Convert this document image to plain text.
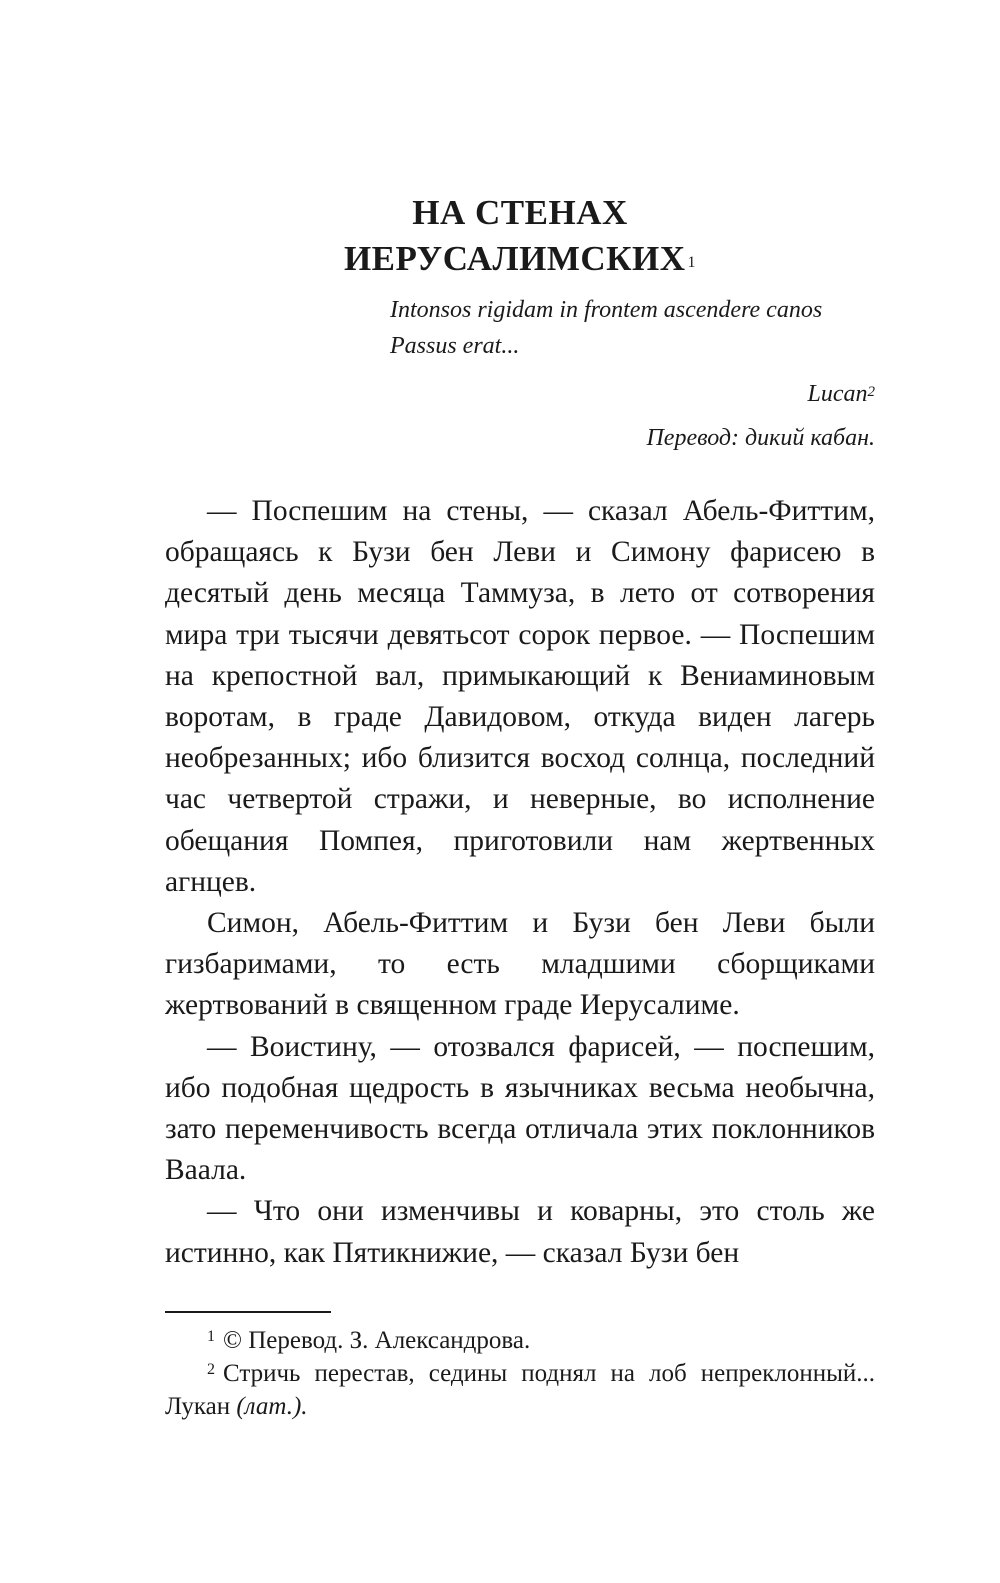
НА СТЕНАХ
ИЕРУСАЛИМСКИХ $^1$
Intonsos rigidam in frontem ascendere canos
Passus erat...
Lucan$^2$
Перевод: дикий кабан.

— Поспешим на стены, — сказал Абель-Фиттим, обращаясь к Бузи бен Леви и Симону фарисею в десятый день месяца Таммуза, в лето от сотворения мира три тысячи девятьсот сорок первое. — Поспешим на крепостной вал, примыкающий к Вениаминовым воротам, в граде Давидовом, откуда виден лагерь необрезанных; ибо близится восход солнца, последний час четвертой стражи, и неверные, во исполнение обещания Помпея, приготовили нам жертвенных агнцев.

Симон, Абель-Фиттим и Бузи бен Леви были гизбаримами, то есть младшими сборщиками жертвований в священном граде Иерусалиме.

— Воистину, — отозвался фарисей, — поспешим, ибо подобная щедрость в язычниках весьма необычна, зато переменчивость всегда отличала этих поклонников Ваала.

— Что они изменчивы и коварны, это столь же истинно, как Пятикнижие, — сказал Бузи бен

$^1$ © Перевод. З. Александрова.

$^2$ Стричь перестав, седины поднял на лоб непреклонный... Лукан (лат.).
